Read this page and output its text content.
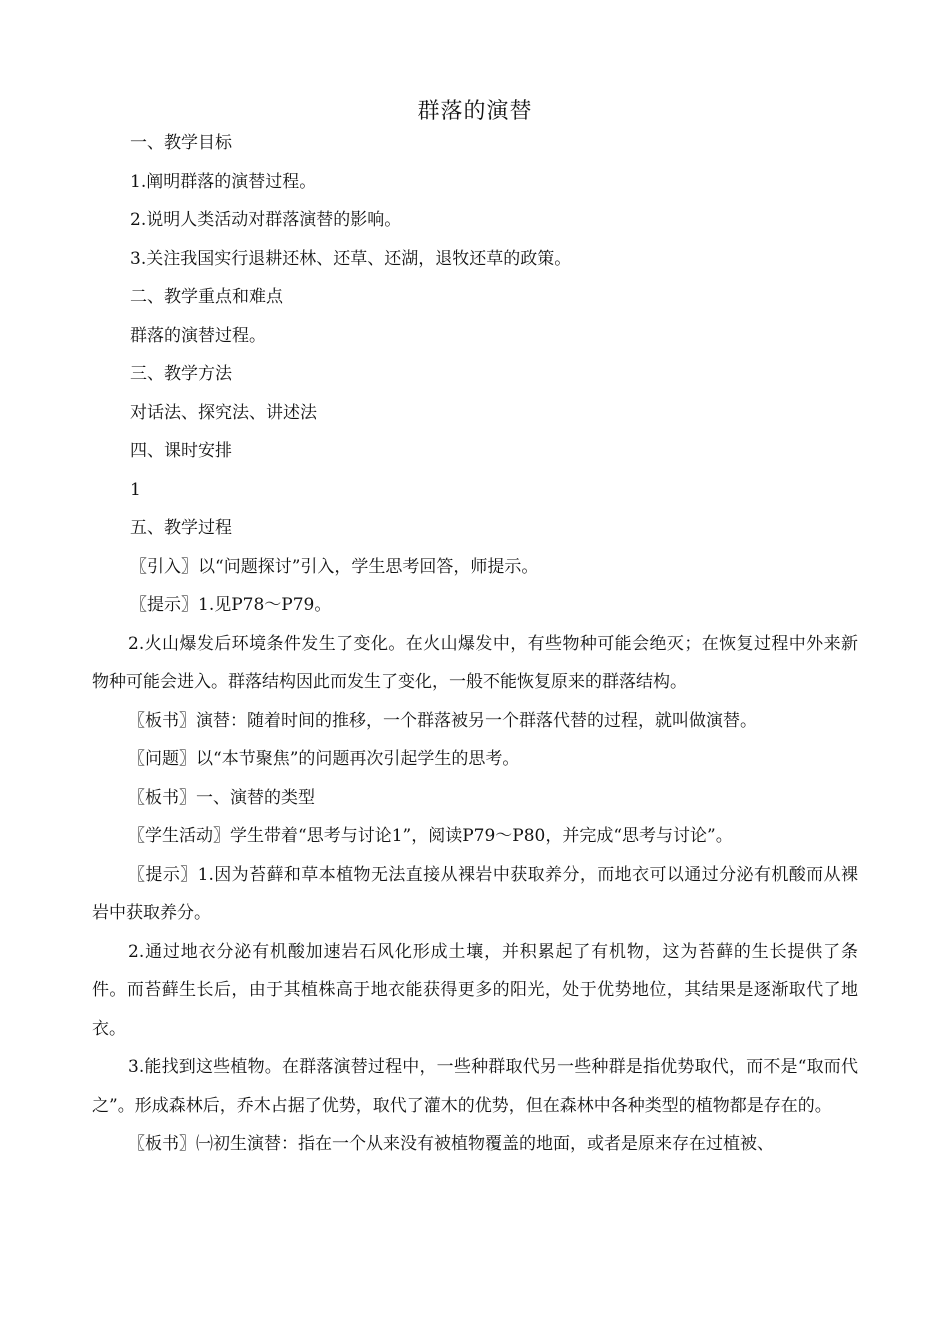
群落的演替

一、教学目标

1.阐明群落的演替过程。

2.说明人类活动对群落演替的影响。

3.关注我国实行退耕还林、还草、还湖，退牧还草的政策。

二、教学重点和难点

群落的演替过程。

三、教学方法

对话法、探究法、讲述法

四、课时安排

1

五、教学过程

〖引入〗以“问题探讨”引入，学生思考回答，师提示。

〖提示〗1.见P78～P79。

2.火山爆发后环境条件发生了变化。在火山爆发中，有些物种可能会绝灭；在恢复过程中外来新物种可能会进入。群落结构因此而发生了变化，一般不能恢复原来的群落结构。

〖板书〗演替：随着时间的推移，一个群落被另一个群落代替的过程，就叫做演替。

〖问题〗以“本节聚焦”的问题再次引起学生的思考。

〖板书〗一、演替的类型

〖学生活动〗学生带着“思考与讨论1”，阅读P79～P80，并完成“思考与讨论”。

〖提示〗1.因为苔藓和草本植物无法直接从裸岩中获取养分，而地衣可以通过分泌有机酸而从裸岩中获取养分。

2.通过地衣分泌有机酸加速岩石风化形成土壤，并积累起了有机物，这为苔藓的生长提供了条件。而苔藓生长后，由于其植株高于地衣能获得更多的阳光，处于优势地位，其结果是逐渐取代了地衣。

3.能找到这些植物。在群落演替过程中，一些种群取代另一些种群是指优势取代，而不是“取而代之”。形成森林后，乔木占据了优势，取代了灌木的优势，但在森林中各种类型的植物都是存在的。

〖板书〗㈠初生演替：指在一个从来没有被植物覆盖的地面，或者是原来存在过植被、
